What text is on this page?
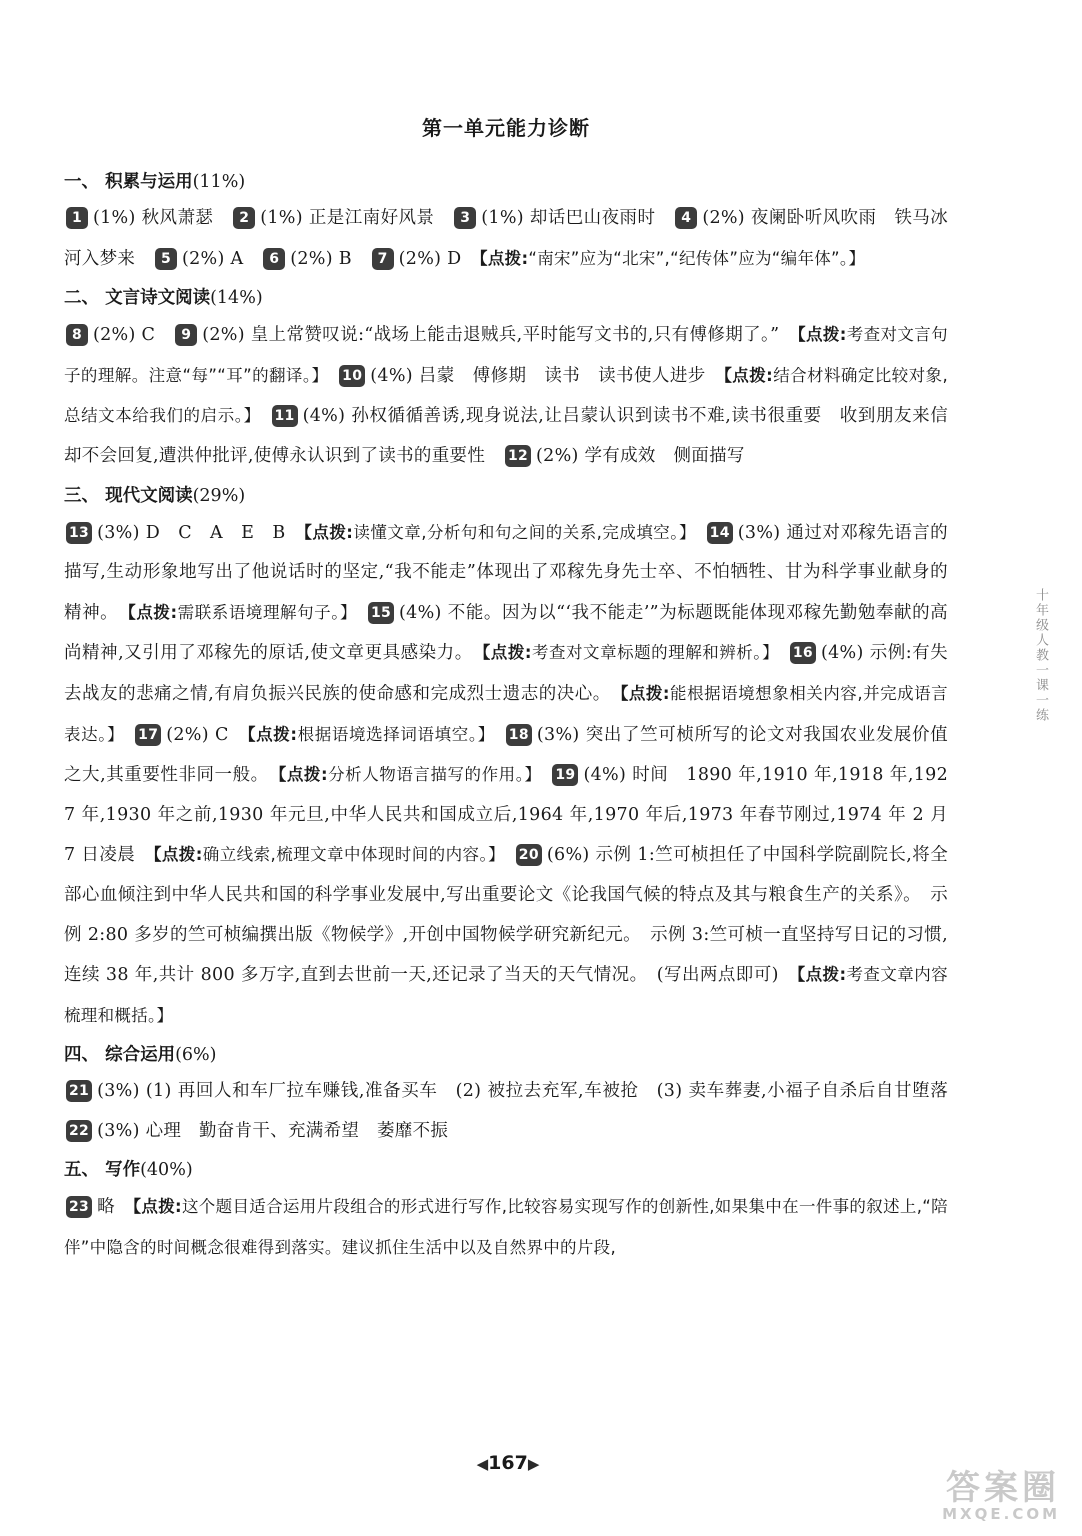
第一单元能力诊断
一、 积累与运用(11%)

1 (1%) 秋风萧瑟　2 (1%) 正是江南好风景　3 (1%) 却话巴山夜雨时　4 (2%) 夜阑卧听风吹雨　铁马冰河入梦来　5 (2%) A　6 (2%) B　7 (2%) D　【点拨:“南宋”应为“北宋”,“纪传体”应为“编年体”。】

二、 文言诗文阅读(14%)

8 (2%) C　9 (2%) 皇上常赞叹说:“战场上能击退贼兵,平时能写文书的,只有傅修期了。”　【点拨:考查对文言句子的理解。注意“每”“耳”的翻译。】　10 (4%) 吕蒙　傅修期　读书　读书使人进步　【点拨:结合材料确定比较对象,总结文本给我们的启示。】　11 (4%) 孙权循循善诱,现身说法,让吕蒙认识到读书不难,读书很重要　收到朋友来信却不会回复,遭洪仲批评,使傅永认识到了读书的重要性　12 (2%) 学有成效　侧面描写

三、 现代文阅读(29%)

13 (3%) D　C　A　E　B　【点拨:读懂文章,分析句和句之间的关系,完成填空。】　14 (3%) 通过对邓稼先语言的描写,生动形象地写出了他说话时的坚定,“我不能走”体现出了邓稼先身先士卒、不怕牺牲、甘为科学事业献身的精神。　【点拨:需联系语境理解句子。】　15 (4%) 不能。因为以“‘我不能走’”为标题既能体现邓稼先勤勉奉献的高尚精神,又引用了邓稼先的原话,使文章更具感染力。　【点拨:考查对文章标题的理解和辨析。】　16 (4%) 示例:有失去战友的悲痛之情,有肩负振兴民族的使命感和完成烈士遗志的决心。　【点拨:能根据语境想象相关内容,并完成语言表达。】　17 (2%) C　【点拨:根据语境选择词语填空。】　18 (3%) 突出了竺可桢所写的论文对我国农业发展价值之大,其重要性非同一般。　【点拨:分析人物语言描写的作用。】　19 (4%) 时间　1890 年,1910 年,1918 年,1927 年,1930 年之前,1930 年元旦,中华人民共和国成立后,1964 年,1970 年后,1973 年春节刚过,1974 年 2 月 7 日凌晨　【点拨:确立线索,梳理文章中体现时间的内容。】　20 (6%) 示例 1:竺可桢担任了中国科学院副院长,将全部心血倾注到中华人民共和国的科学事业发展中,写出重要论文《论我国气候的特点及其与粮食生产的关系》。　示例 2:80 多岁的竺可桢编撰出版《物候学》,开创中国物候学研究新纪元。　示例 3:竺可桢一直坚持写日记的习惯,连续 38 年,共计 800 多万字,直到去世前一天,还记录了当天的天气情况。　(写出两点即可)　【点拨:考查文章内容梳理和概括。】

四、 综合运用(6%)

21 (3%) (1) 再回人和车厂拉车赚钱,准备买车　(2) 被拉去充军,车被抢　(3) 卖车葬妻,小福子自杀后自甘堕落　22 (3%) 心理　勤奋肯干、充满希望　萎靡不振

五、 写作(40%)

23 略　【点拨:这个题目适合运用片段组合的形式进行写作,比较容易实现写作的创新性,如果集中在一件事的叙述上,“陪伴”中隐含的时间概念很难得到落实。建议抓住生活中以及自然界中的片段,

十年级人教一课一练
◀167▶
答案圈
MXQE.COM
